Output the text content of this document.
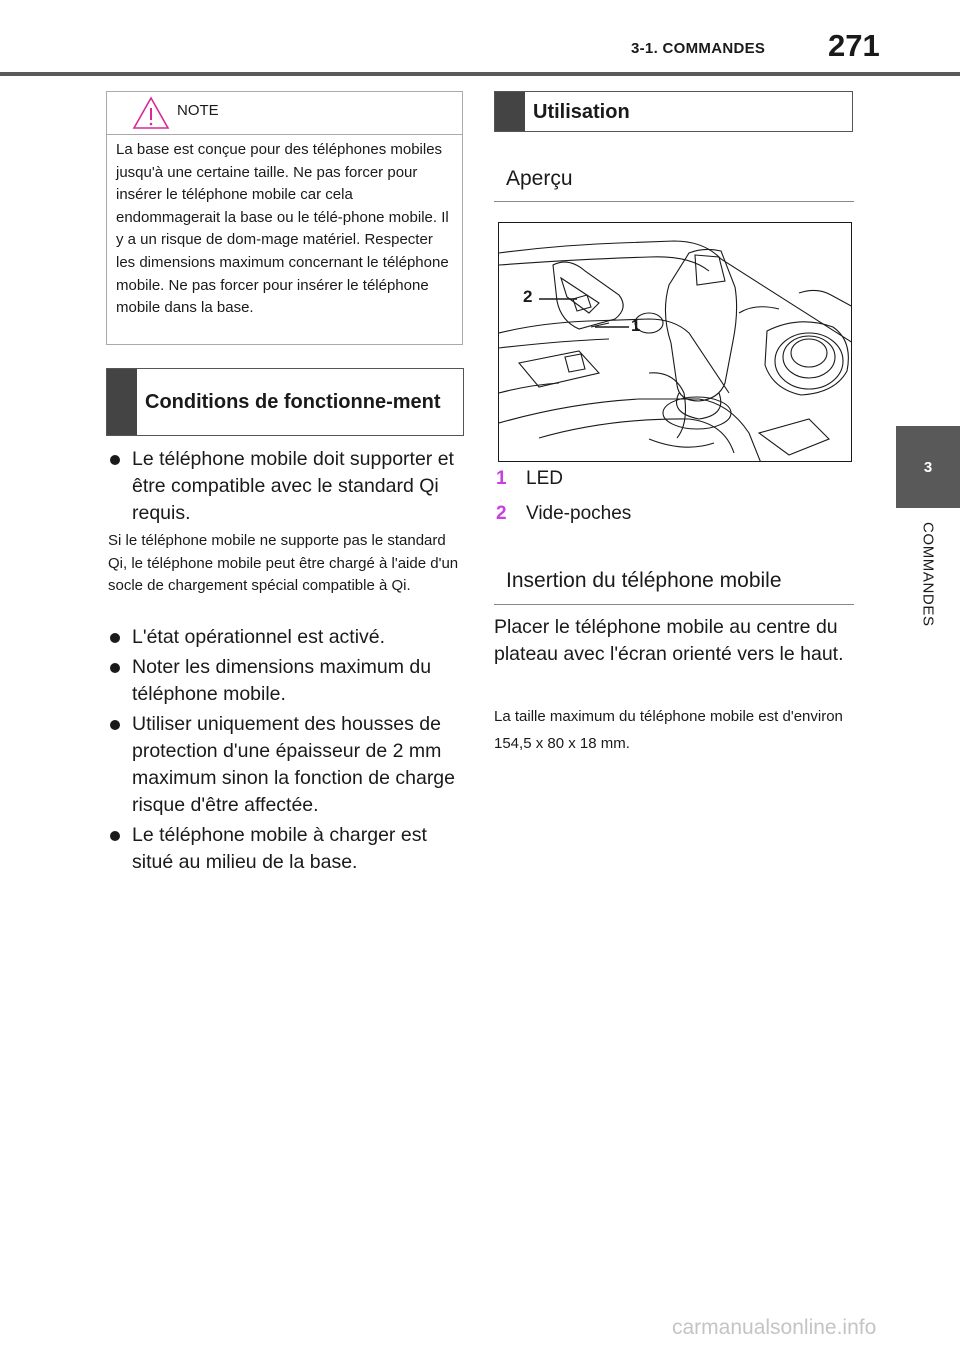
3-1. COMMANDES 271
3
COMMANDES
NOTE
La base est conçue pour des téléphones mobiles jusqu'à une certaine taille. Ne pas forcer pour insérer le téléphone mobile car cela endommagerait la base ou le télé-phone mobile. Il y a un risque de dom-mage matériel. Respecter les dimensions maximum concernant le téléphone mobile. Ne pas forcer pour insérer le téléphone mobile dans la base.
Conditions de fonctionne-ment
Le téléphone mobile doit supporter et être compatible avec le standard Qi requis.
Si le téléphone mobile ne supporte pas le standard Qi, le téléphone mobile peut être chargé à l'aide d'un socle de chargement spécial compatible à Qi.
L'état opérationnel est activé.
Noter les dimensions maximum du téléphone mobile.
Utiliser uniquement des housses de protection d'une épaisseur de 2 mm maximum sinon la fonction de charge risque d'être affectée.
Le téléphone mobile à charger est situé au milieu de la base.
Utilisation
Aperçu
2
1
1 LED
2 Vide-poches
Insertion du téléphone mobile
Placer le téléphone mobile au centre du plateau avec l'écran orienté vers le haut.
La taille maximum du téléphone mobile est d'environ 154,5 x 80 x 18 mm.
carmanualsonline.info
